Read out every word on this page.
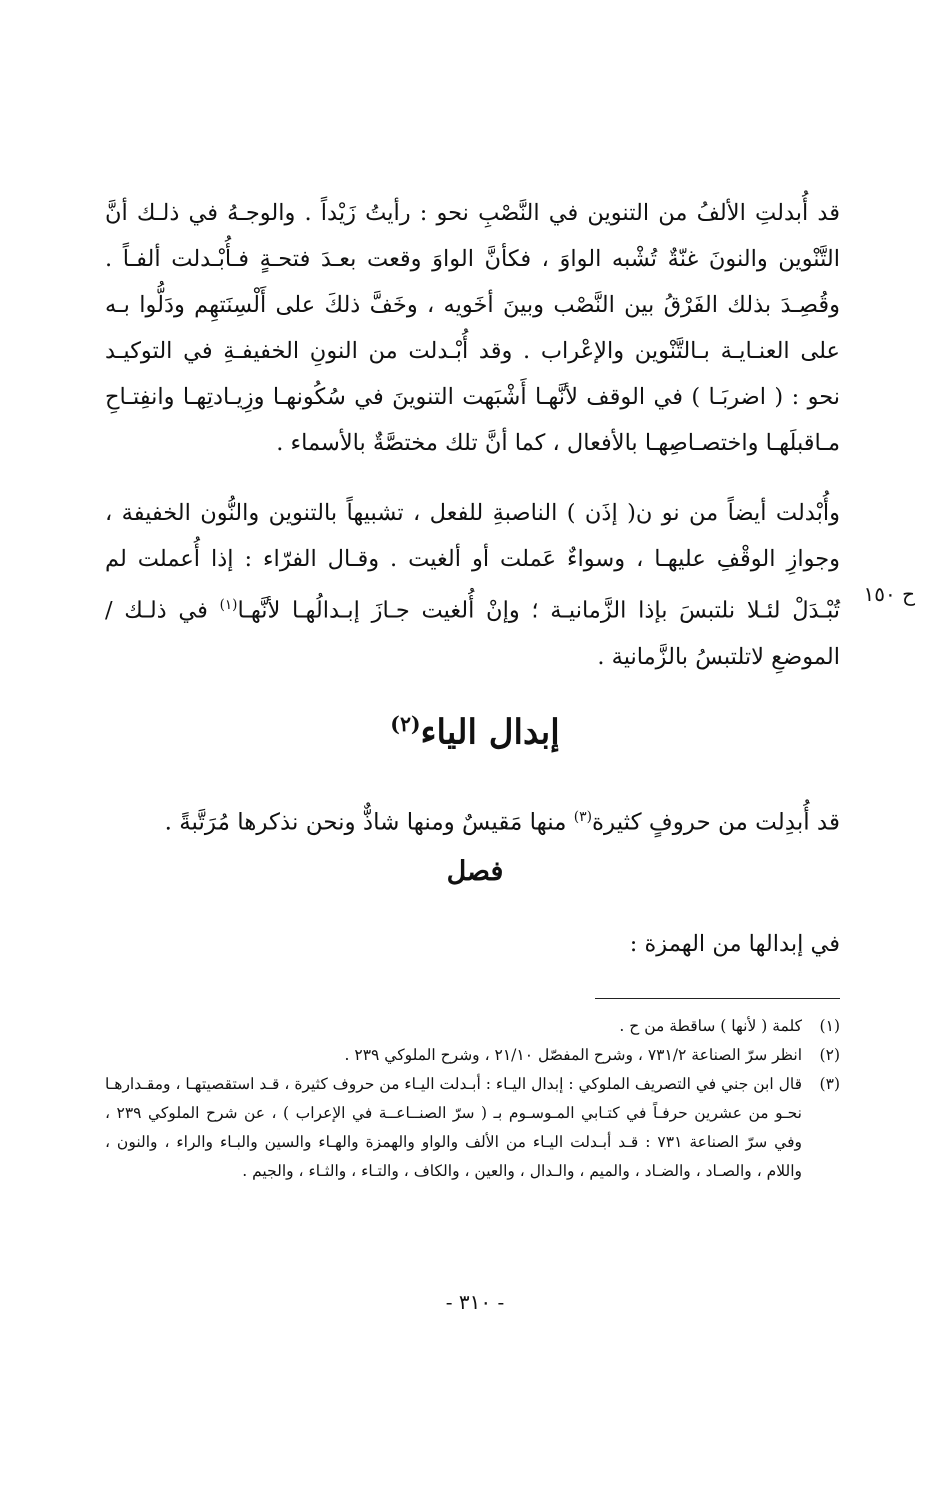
قد أُبدلتِ الألفُ من التنوين في النَّصْبِ نحو : رأيتُ زَيْداً . والوجـهُ في ذلـك أنَّ التَّنْوين والنونَ غنّةٌ تُشْبه الواوَ ، فكأنَّ الواوَ وقعت بعـدَ فتحـةٍ فـأُبْـدلت ألفـاً . وقُصِـدَ بذلك الفَرْقُ بين النَّصْب وبينَ أخَويه ، وخَفَّ ذلكَ على أَلْسِنَتهِم ودَلُّوا بـه على العنـايـة بـالتَّنْوين والإعْراب . وقد أُبْـدلت من النونِ الخفيفـةِ في التوكيـد نحو : ( اضربَـا ) في الوقف لأنَّهـا أَشْبَهت التنوينَ في سُكُونهـا وزِيـادتِهـا وانفِتـاحِ مـاقبلَهـا واختصـاصِهـا بالأفعال ، كما أنَّ تلك مختصَّةٌ بالأسماء .

وأُبْدلت أيضاً من نو ن( إذَن ) الناصبةِ للفعل ، تشبيهاً بالتنوين والنُّون الخفيفة ، وجوازِ الوقْفِ عليهـا ، وسواءٌ عَملت أو ألغيت . وقـال الفرّاء : إذا أُعملت لم تُبْـدَلْ لئـلا نلتبسَ بإذا الزَّمانيـة ؛ وإنْ أُلغيت جـازَ إبـدالُهـا لأنَّهـا$^{(١)}$ في ذلـك / الموضعِ لاتلتبسُ بالزَّمانية .

ح ١٥٠
إبدال الياء$^{(٢)}$

قد أُبدِلت من حروفٍ كثيرة$^{(٣)}$ منها مَقيسٌ ومنها شاذٌّ ونحن نذكرها مُرَتَّبةً .

فصل

في إبدالها من الهمزة :

(١)
كلمة ( لأنها ) ساقطة من ح .
(٢)
انظر سرّ الصناعة ٧٣١/٢ ، وشرح المفصّل ٢١/١٠ ، وشرح الملوكي ٢٣٩ .
(٣)
قال ابن جني في التصريف الملوكي : إبدال اليـاء : أبـدلت اليـاء من حروف كثيرة ، قـد استقصيتهـا ، ومقـدارهـا نحـو من عشرين حرفـاً في كتـابي المـوسـوم بـ ( سرّ الصنــاعــة في الإعراب ) ، عن شرح الملوكي ٢٣٩ ، وفي سرّ الصناعة ٧٣١ : قـد أبـدلت اليـاء من الألف والواو والهمزة والهـاء والسين والبـاء والراء ، والنون ، واللام ، والصـاد ، والضـاد ، والميم ، والـدال ، والعين ، والكاف ، والتـاء ، والثـاء ، والجيم .
- ٣١٠ -
